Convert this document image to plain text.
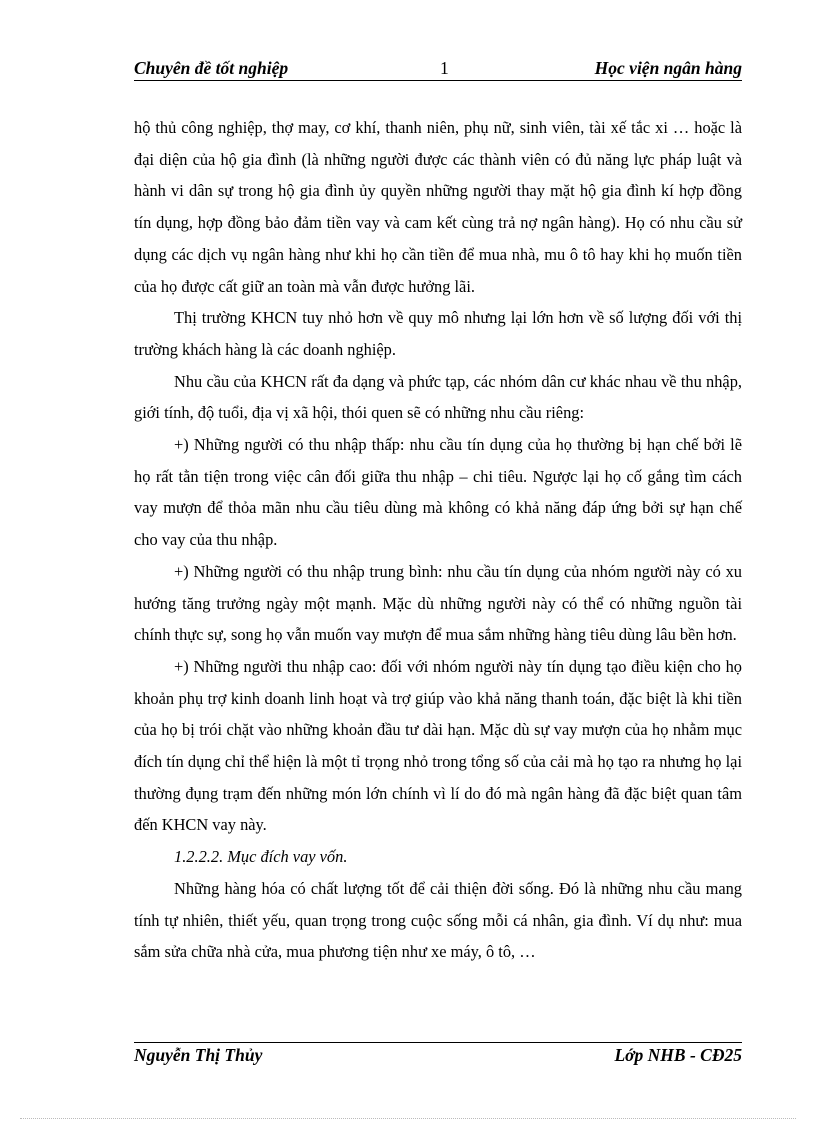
Chuyên đề tốt nghiệp	1	Học viện ngân hàng

hộ thủ công nghiệp, thợ may, cơ khí, thanh niên, phụ nữ, sinh viên, tài xế tắc xi … hoặc là đại diện của hộ gia đình (là những người được các thành viên có đủ năng lực pháp luật và hành vi dân sự trong hộ gia đình ủy quyền những người thay mặt hộ gia đình kí hợp đồng tín dụng, hợp đồng bảo đảm tiền vay và cam kết cùng trả nợ ngân hàng). Họ có nhu cầu sử dụng các dịch vụ ngân hàng như khi họ cần tiền để mua nhà, mu ô tô hay khi họ muốn tiền của họ được cất giữ an toàn mà vẫn được hưởng lãi.

Thị trường KHCN tuy nhỏ hơn về quy mô nhưng lại lớn hơn về số lượng đối với thị trường khách hàng là các doanh nghiệp.

Nhu cầu của KHCN rất đa dạng và phức tạp, các nhóm dân cư khác nhau về thu nhập, giới tính, độ tuổi, địa vị xã hội, thói quen sẽ có những nhu cầu riêng:

+) Những người có thu nhập thấp: nhu cầu tín dụng của họ thường bị hạn chế bởi lẽ họ rất tằn tiện trong việc cân đối giữa thu nhập – chi tiêu. Ngược lại họ cố gắng tìm cách vay mượn để thỏa mãn nhu cầu tiêu dùng mà không có khả năng đáp ứng bởi sự hạn chế cho vay của thu nhập.

+) Những người có thu nhập trung bình: nhu cầu tín dụng của nhóm người này có xu hướng tăng trưởng ngày một mạnh. Mặc dù những người này có thể có những nguồn tài chính thực sự, song họ vẫn muốn vay mượn để mua sắm những hàng tiêu dùng lâu bền hơn.

+) Những người thu nhập cao: đối với nhóm người này tín dụng tạo điều kiện cho họ khoản phụ trợ kinh doanh linh hoạt và trợ giúp vào khả năng thanh toán, đặc biệt là khi tiền của họ bị trói chặt vào những khoản đầu tư dài hạn. Mặc dù sự vay mượn của họ nhằm mục đích tín dụng chỉ thể hiện là một tỉ trọng nhỏ trong tổng số của cải mà họ tạo ra nhưng họ lại thường đụng trạm đến những món lớn chính vì lí do đó mà ngân hàng đã đặc biệt quan tâm đến KHCN vay này.

1.2.2.2. Mục đích vay vốn.

Những hàng hóa có chất lượng tốt để cải thiện đời sống. Đó là những nhu cầu mang tính tự nhiên, thiết yếu, quan trọng trong cuộc sống mỗi cá nhân, gia đình. Ví dụ như: mua sắm sửa chữa nhà cửa, mua phương tiện như xe máy, ô tô, …

Nguyễn Thị Thủy	Lớp NHB - CĐ25
